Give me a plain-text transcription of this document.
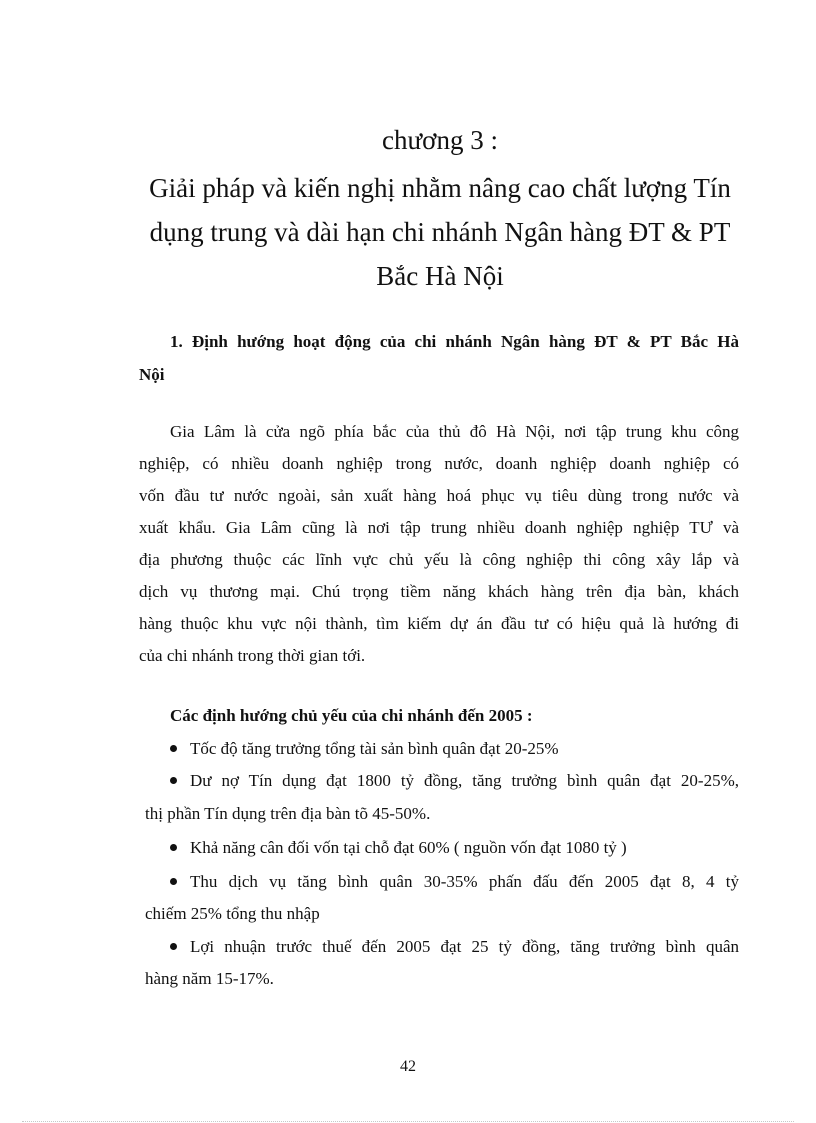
chương 3 :
Giải pháp và kiến nghị nhằm nâng cao chất lượng Tín
dụng trung và dài hạn chi nhánh Ngân hàng ĐT & PT
Bắc Hà Nội
1. Định hướng hoạt động của chi nhánh Ngân hàng ĐT & PT Bắc Hà
Nội
Gia Lâm là cửa ngõ phía bắc của thủ đô Hà Nội, nơi tập trung khu công
nghiệp, có nhiều doanh nghiệp trong nước, doanh nghiệp doanh nghiệp có
vốn đầu tư nước ngoài, sản xuất hàng hoá phục vụ tiêu dùng trong nước và
xuất khẩu. Gia Lâm cũng là nơi tập trung nhiều doanh nghiệp nghiệp TƯ và
địa phương thuộc các lĩnh vực chủ yếu là công nghiệp thi công xây lắp và
dịch vụ thương mại. Chú trọng tiềm năng khách hàng trên địa bàn, khách
hàng thuộc khu vực nội thành, tìm kiếm dự án đầu tư có hiệu quả là hướng đi
của chi nhánh trong thời gian tới.
Các định hướng chủ yếu của chi nhánh đến 2005 :
Tốc độ tăng trưởng tổng tài sản bình quân đạt 20-25%
Dư nợ Tín dụng đạt 1800 tỷ đồng, tăng trưởng bình quân đạt 20-25%,
thị phần Tín dụng trên địa bàn tõ 45-50%.
Khả năng cân đối vốn tại chỗ đạt 60% ( nguồn vốn đạt 1080 tỷ )
Thu dịch vụ tăng bình quân 30-35% phấn đấu đến 2005 đạt 8, 4 tỷ
chiếm 25% tổng thu nhập
Lợi nhuận trước thuế đến 2005 đạt 25 tỷ đồng, tăng trưởng bình quân
hàng năm 15-17%.
42
